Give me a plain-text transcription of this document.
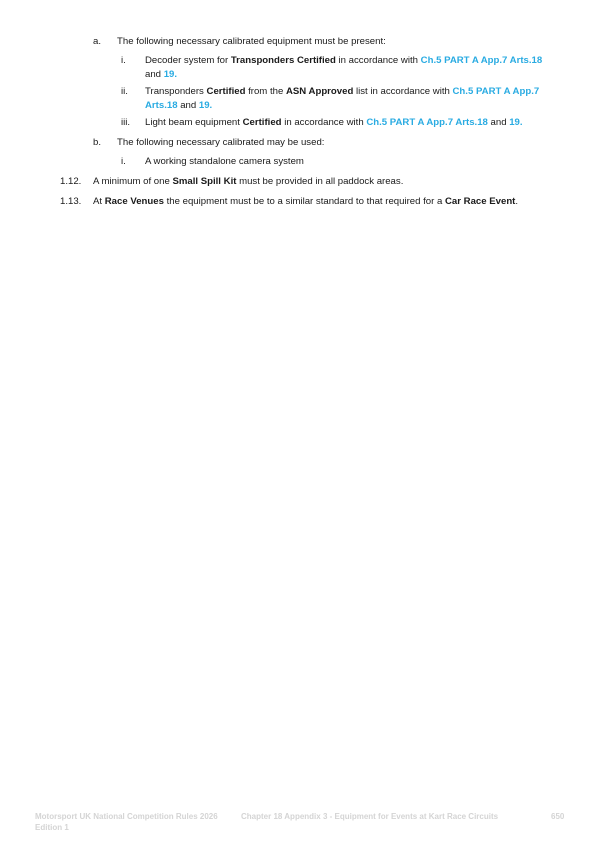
a. The following necessary calibrated equipment must be present:
i. Decoder system for Transponders Certified in accordance with Ch.5 PART A App.7 Arts.18
and 19.
ii. Transponders Certified from the ASN Approved list in accordance with Ch.5 PART A App.7
Arts.18 and 19.
iii. Light beam equipment Certified in accordance with Ch.5 PART A App.7 Arts.18 and 19.
b. The following necessary calibrated may be used:
i. A working standalone camera system
1.12. A minimum of one Small Spill Kit must be provided in all paddock areas.
1.13. At Race Venues the equipment must be to a similar standard to that required for a Car Race Event.
Motorsport UK National Competition Rules 2026
Edition 1
Chapter 18 Appendix 3 - Equipment for Events at Kart Race Circuits	650
